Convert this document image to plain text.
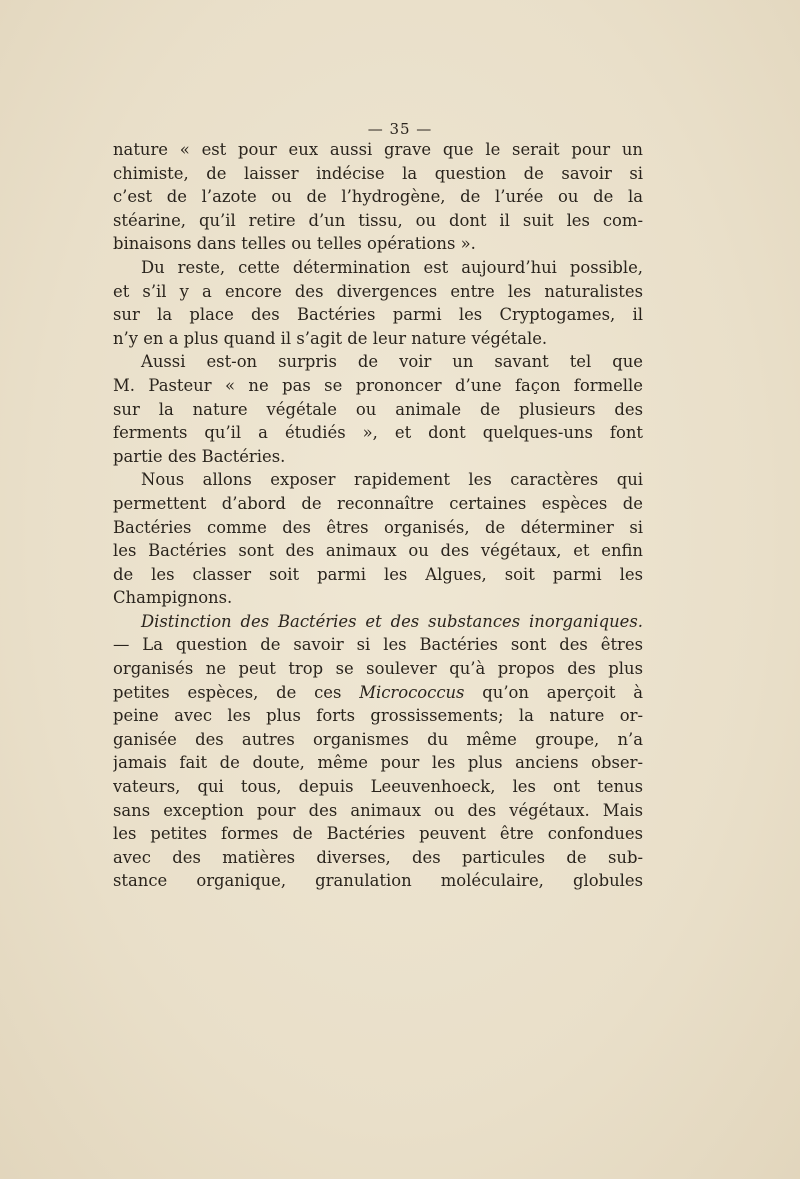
— 35 —
nature « est pour eux aussi grave que le serait pour un
chimiste, de laisser indécise la question de savoir si
c’est de l’azote ou de l’hydrogène, de l’urée ou de la
stéarine, qu’il retire d’un tissu, ou dont il suit les com-
binaisons dans telles ou telles opérations ».
Du reste, cette détermination est aujourd’hui possible,
et s’il y a encore des divergences entre les naturalistes
sur la place des Bactéries parmi les Cryptogames, il
n’y en a plus quand il s’agit de leur nature végétale.
Aussi est-on surpris de voir un savant tel que
M. Pasteur « ne pas se prononcer d’une façon formelle
sur la nature végétale ou animale de plusieurs des
ferments qu’il a étudiés », et dont quelques-uns font
partie des Bactéries.
Nous allons exposer rapidement les caractères qui
permettent d’abord de reconnaître certaines espèces de
Bactéries comme des êtres organisés, de déterminer si
les Bactéries sont des animaux ou des végétaux, et enfin
de les classer soit parmi les Algues, soit parmi les
Champignons.
Distinction des Bactéries et des substances inorganiques.
— La question de savoir si les Bactéries sont des êtres
organisés ne peut trop se soulever qu’à propos des plus
petites espèces, de ces Micrococcus qu’on aperçoit à
peine avec les plus forts grossissements; la nature or-
ganisée des autres organismes du même groupe, n’a
jamais fait de doute, même pour les plus anciens obser-
vateurs, qui tous, depuis Leeuvenhoeck, les ont tenus
sans exception pour des animaux ou des végétaux. Mais
les petites formes de Bactéries peuvent être confondues
avec des matières diverses, des particules de sub-
stance organique, granulation moléculaire, globules
